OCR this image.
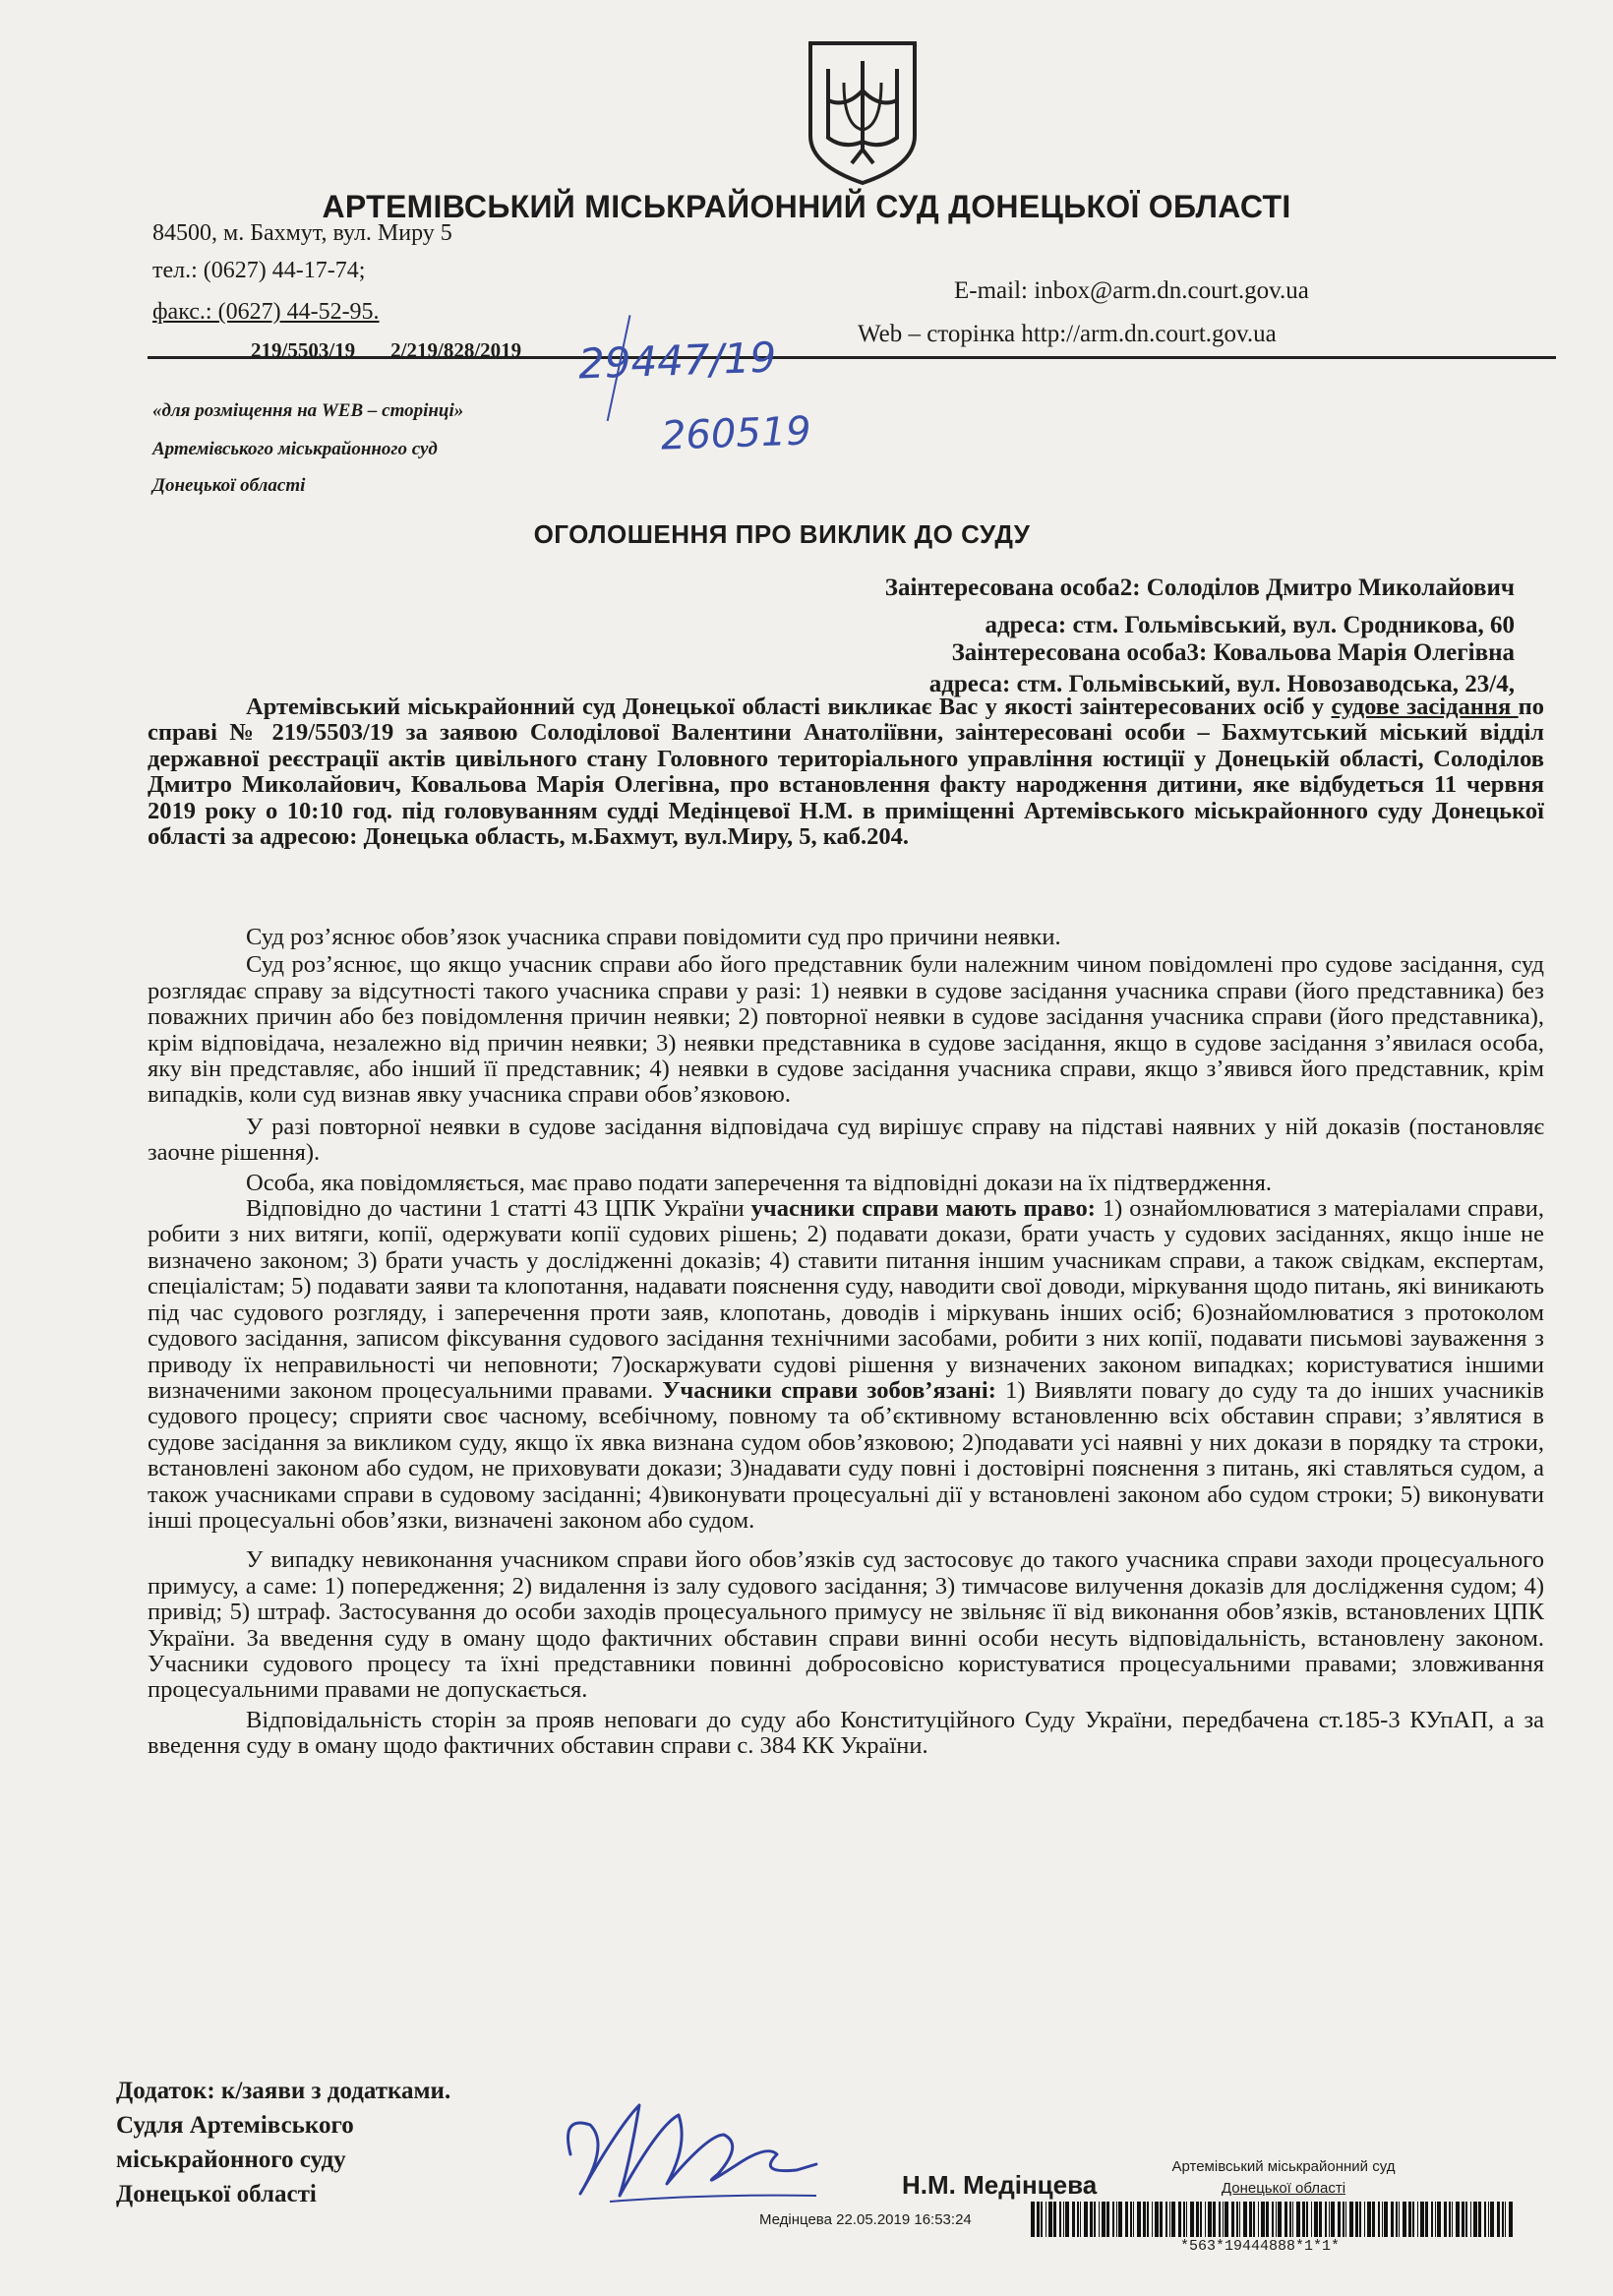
АРТЕМІВСЬКИЙ МІСЬКРАЙОННИЙ СУД ДОНЕЦЬКОЇ ОБЛАСТІ
84500, м. Бахмут, вул. Миру 5
тел.: (0627) 44-17-74;
факс.: (0627) 44-52-95.
E-mail: inbox@arm.dn.court.gov.ua
Web – сторінка http://arm.dn.court.gov.ua
219/5503/19 2/219/828/2019 29447/19
260519
«для розміщення на WEB – сторінці»
Артемівського міськрайонного суд
Донецької області
ОГОЛОШЕННЯ ПРО ВИКЛИК ДО СУДУ
Заінтересована особа2: Солоділов Дмитро Миколайович
адреса: стм. Гольмівський, вул. Сродникова, 60
Заінтересована особа3: Ковальова Марія Олегівна
адреса: стм. Гольмівський, вул. Новозаводська, 23/4,

Артемівський міськрайонний суд Донецької області викликає Вас у якості заінтересованих осіб у судове засідання по справі № 219/5503/19 за заявою Солоділової Валентини Анатоліївни, заінтересовані особи – Бахмутський міський відділ державної реєстрації актів цивільного стану Головного територіального управління юстиції у Донецькій області, Солоділов Дмитро Миколайович, Ковальова Марія Олегівна, про встановлення факту народження дитини, яке відбудеться 11 червня 2019 року о 10:10 год. під головуванням судді Медінцевої Н.М. в приміщенні Артемівського міськрайонного суду Донецької області за адресою: Донецька область, м.Бахмут, вул.Миру, 5, каб.204.

Суд роз’яснює обов’язок учасника справи повідомити суд про причини неявки.

Суд роз’яснює, що якщо учасник справи або його представник були належним чином повідомлені про судове засідання, суд розглядає справу за відсутності такого учасника справи у разі: 1) неявки в судове засідання учасника справи (його представника) без поважних причин або без повідомлення причин неявки; 2) повторної неявки в судове засідання учасника справи (його представника), крім відповідача, незалежно від причин неявки; 3) неявки представника в судове засідання, якщо в судове засідання з’явилася особа, яку він представляє, або інший її представник; 4) неявки в судове засідання учасника справи, якщо з’явився його представник, крім випадків, коли суд визнав явку учасника справи обов’язковою.

У разі повторної неявки в судове засідання відповідача суд вирішує справу на підставі наявних у ній доказів (постановляє заочне рішення).

Особа, яка повідомляється, має право подати заперечення та відповідні докази на їх підтвердження.

Відповідно до частини 1 статті 43 ЦПК України учасники справи мають право: 1) ознайомлюватися з матеріалами справи, робити з них витяги, копії, одержувати копії судових рішень; 2) подавати докази, брати участь у судових засіданнях, якщо інше не визначено законом; 3) брати участь у дослідженні доказів; 4) ставити питання іншим учасникам справи, а також свідкам, експертам, спеціалістам; 5) подавати заяви та клопотання, надавати пояснення суду, наводити свої доводи, міркування щодо питань, які виникають під час судового розгляду, і заперечення проти заяв, клопотань, доводів і міркувань інших осіб; 6)ознайомлюватися з протоколом судового засідання, записом фіксування судового засідання технічними засобами, робити з них копії, подавати письмові зауваження з приводу їх неправильності чи неповноти; 7)оскаржувати судові рішення у визначених законом випадках; користуватися іншими визначеними законом процесуальними правами. Учасники справи зобов’язані: 1) Виявляти повагу до суду та до інших учасників судового процесу; сприяти своє часному, всебічному, повному та об’єктивному встановленню всіх обставин справи; з’являтися в судове засідання за викликом суду, якщо їх явка визнана судом обов’язковою; 2)подавати усі наявні у них докази в порядку та строки, встановлені законом або судом, не приховувати докази; 3)надавати суду повні і достовірні пояснення з питань, які ставляться судом, а також учасниками справи в судовому засіданні; 4)виконувати процесуальні дії у встановлені законом або судом строки; 5) виконувати інші процесуальні обов’язки, визначені законом або судом.

У випадку невиконання учасником справи його обов’язків суд застосовує до такого учасника справи заходи процесуального примусу, а саме: 1) попередження; 2) видалення із залу судового засідання; 3) тимчасове вилучення доказів для дослідження судом; 4) привід; 5) штраф. Застосування до особи заходів процесуального примусу не звільняє її від виконання обов’язків, встановлених ЦПК України. За введення суду в оману щодо фактичних обставин справи винні особи несуть відповідальність, встановлену законом. Учасники судового процесу та їхні представники повинні добросовісно користуватися процесуальними правами; зловживання процесуальними правами не допускається.

Відповідальність сторін за прояв неповаги до суду або Конституційного Суду України, передбачена ст.185-3 КУпАП, а за введення суду в оману щодо фактичних обставин справи с. 384 КК України.

Додаток: к/заяви з додатками.
Судля Артемівського
міськрайонного суду
Донецької області	Н.М. Медінцева
Артемівський міськрайонний суд
Донецької області
Медінцева 22.05.2019 16:53:24
*563*19444888*1*1*
